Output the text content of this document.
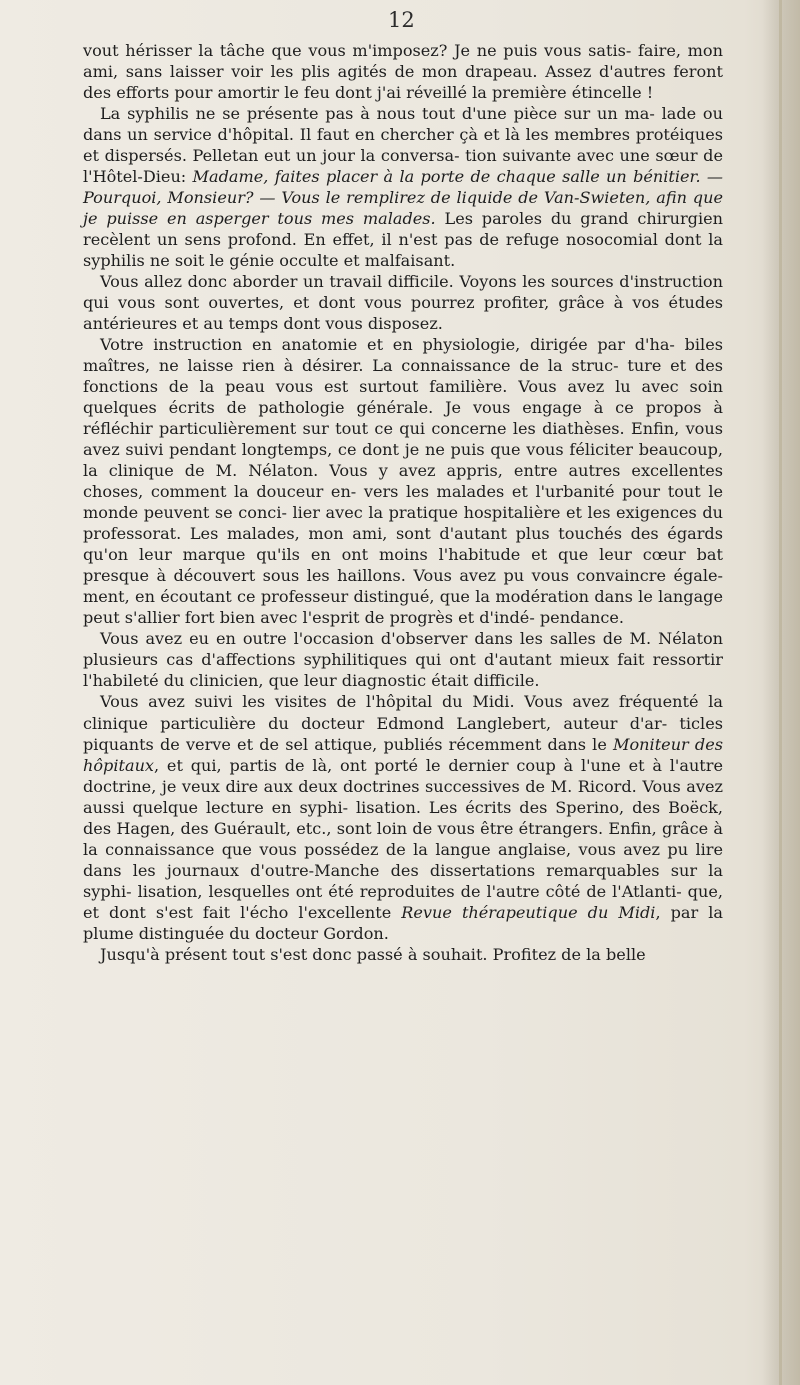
12

vout hérisser la tâche que vous m'imposez? Je ne puis vous satis- faire, mon ami, sans laisser voir les plis agités de mon drapeau. Assez d'autres feront des efforts pour amortir le feu dont j'ai réveillé la première étincelle !

La syphilis ne se présente pas à nous tout d'une pièce sur un ma- lade ou dans un service d'hôpital. Il faut en chercher çà et là les membres protéiques et dispersés. Pelletan eut un jour la conversa- tion suivante avec une sœur de l'Hôtel-Dieu: Madame, faites placer à la porte de chaque salle un bénitier. — Pourquoi, Monsieur? — Vous le remplirez de liquide de Van-Swieten, afin que je puisse en asperger tous mes malades. Les paroles du grand chirurgien recèlent un sens profond. En effet, il n'est pas de refuge nosocomial dont la syphilis ne soit le génie occulte et malfaisant.

Vous allez donc aborder un travail difficile. Voyons les sources d'instruction qui vous sont ouvertes, et dont vous pourrez profiter, grâce à vos études antérieures et au temps dont vous disposez.

Votre instruction en anatomie et en physiologie, dirigée par d'ha- biles maîtres, ne laisse rien à désirer. La connaissance de la struc- ture et des fonctions de la peau vous est surtout familière. Vous avez lu avec soin quelques écrits de pathologie générale. Je vous engage à ce propos à réfléchir particulièrement sur tout ce qui concerne les diathèses. Enfin, vous avez suivi pendant longtemps, ce dont je ne puis que vous féliciter beaucoup, la clinique de M. Nélaton. Vous y avez appris, entre autres excellentes choses, comment la douceur en- vers les malades et l'urbanité pour tout le monde peuvent se conci- lier avec la pratique hospitalière et les exigences du professorat. Les malades, mon ami, sont d'autant plus touchés des égards qu'on leur marque qu'ils en ont moins l'habitude et que leur cœur bat presque à découvert sous les haillons. Vous avez pu vous convaincre égale- ment, en écoutant ce professeur distingué, que la modération dans le langage peut s'allier fort bien avec l'esprit de progrès et d'indé- pendance.

Vous avez eu en outre l'occasion d'observer dans les salles de M. Nélaton plusieurs cas d'affections syphilitiques qui ont d'autant mieux fait ressortir l'habileté du clinicien, que leur diagnostic était difficile.

Vous avez suivi les visites de l'hôpital du Midi. Vous avez fréquenté la clinique particulière du docteur Edmond Langlebert, auteur d'ar- ticles piquants de verve et de sel attique, publiés récemment dans le Moniteur des hôpitaux, et qui, partis de là, ont porté le dernier coup à l'une et à l'autre doctrine, je veux dire aux deux doctrines successives de M. Ricord. Vous avez aussi quelque lecture en syphi- lisation. Les écrits des Sperino, des Boëck, des Hagen, des Guérault, etc., sont loin de vous être étrangers. Enfin, grâce à la connaissance que vous possédez de la langue anglaise, vous avez pu lire dans les journaux d'outre-Manche des dissertations remarquables sur la syphi- lisation, lesquelles ont été reproduites de l'autre côté de l'Atlanti- que, et dont s'est fait l'écho l'excellente Revue thérapeutique du Midi, par la plume distinguée du docteur Gordon.

Jusqu'à présent tout s'est donc passé à souhait. Profitez de la belle
